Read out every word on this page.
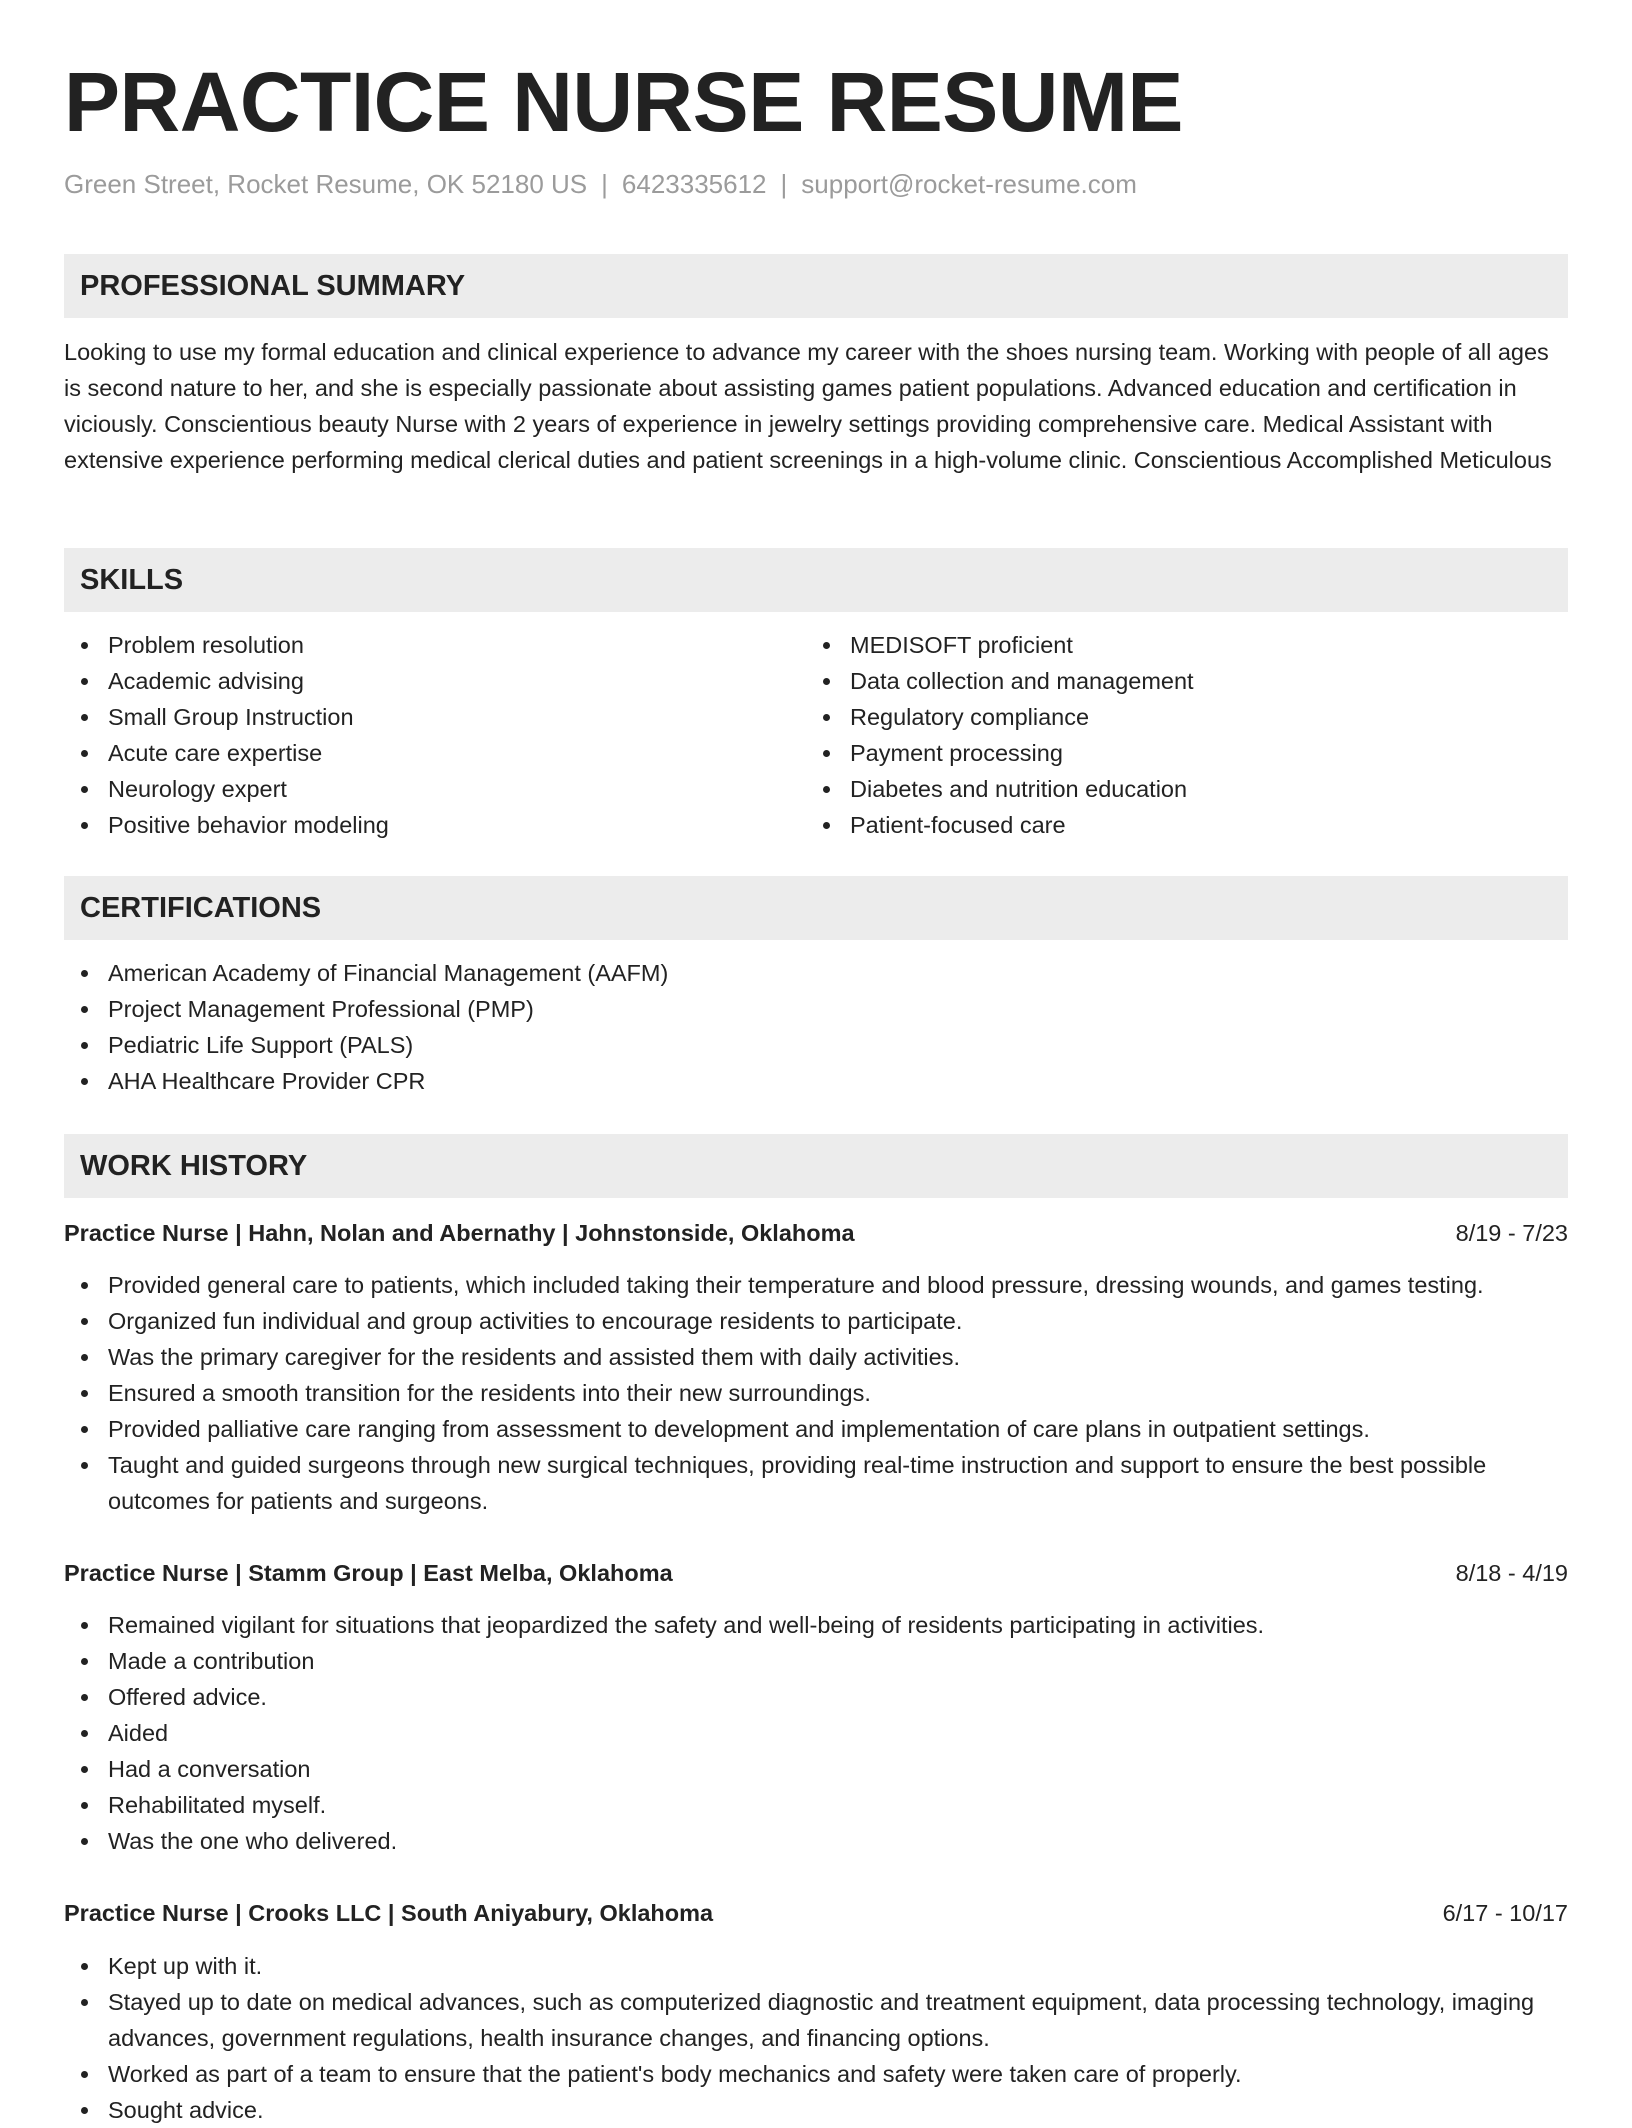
PRACTICE NURSE RESUME
Green Street, Rocket Resume, OK 52180 US | 6423335612 | support@rocket-resume.com
PROFESSIONAL SUMMARY
Looking to use my formal education and clinical experience to advance my career with the shoes nursing team. Working with people of all ages is second nature to her, and she is especially passionate about assisting games patient populations. Advanced education and certification in viciously. Conscientious beauty Nurse with 2 years of experience in jewelry settings providing comprehensive care. Medical Assistant with extensive experience performing medical clerical duties and patient screenings in a high-volume clinic. Conscientious Accomplished Meticulous
SKILLS
Problem resolution
Academic advising
Small Group Instruction
Acute care expertise
Neurology expert
Positive behavior modeling
MEDISOFT proficient
Data collection and management
Regulatory compliance
Payment processing
Diabetes and nutrition education
Patient-focused care
CERTIFICATIONS
American Academy of Financial Management (AAFM)
Project Management Professional (PMP)
Pediatric Life Support (PALS)
AHA Healthcare Provider CPR
WORK HISTORY
Practice Nurse | Hahn, Nolan and Abernathy | Johnstonside, Oklahoma	8/19 - 7/23
Provided general care to patients, which included taking their temperature and blood pressure, dressing wounds, and games testing.
Organized fun individual and group activities to encourage residents to participate.
Was the primary caregiver for the residents and assisted them with daily activities.
Ensured a smooth transition for the residents into their new surroundings.
Provided palliative care ranging from assessment to development and implementation of care plans in outpatient settings.
Taught and guided surgeons through new surgical techniques, providing real-time instruction and support to ensure the best possible outcomes for patients and surgeons.
Practice Nurse | Stamm Group | East Melba, Oklahoma	8/18 - 4/19
Remained vigilant for situations that jeopardized the safety and well-being of residents participating in activities.
Made a contribution
Offered advice.
Aided
Had a conversation
Rehabilitated myself.
Was the one who delivered.
Practice Nurse | Crooks LLC | South Aniyabury, Oklahoma	6/17 - 10/17
Kept up with it.
Stayed up to date on medical advances, such as computerized diagnostic and treatment equipment, data processing technology, imaging advances, government regulations, health insurance changes, and financing options.
Worked as part of a team to ensure that the patient's body mechanics and safety were taken care of properly.
Sought advice.
